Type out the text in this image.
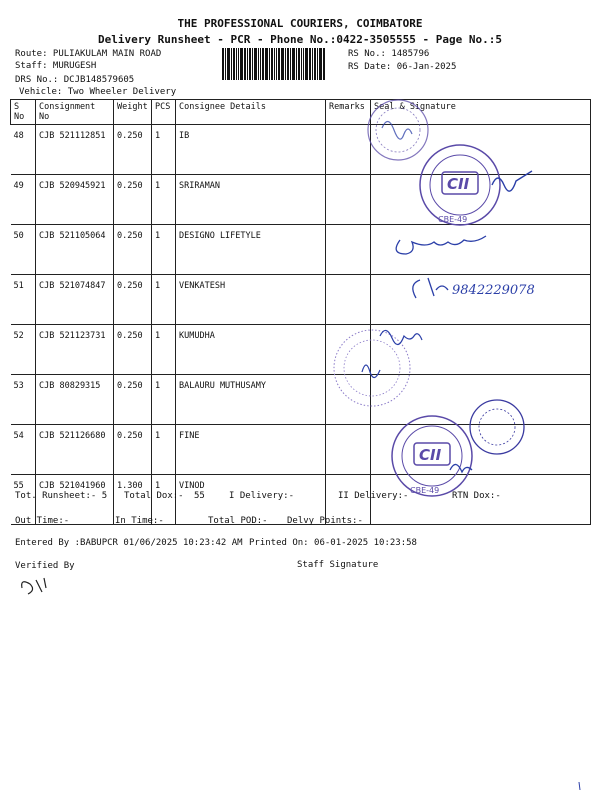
THE PROFESSIONAL COURIERS, COIMBATORE
Delivery Runsheet - PCR - Phone No.:0422-3505555 - Page No.:5
Route: PULIAKULAM MAIN ROAD
Staff: MURUGESH
DRS No.: DCJB148579605
Vehicle: Two Wheeler Delivery
RS No.: 1485796
RS Date: 06-Jan-2025
S No	Consignment No	Weight	PCS	Consignee Details	Remarks	Seal & Signature
48	CJB 521112851	0.250	1	IB		
49	CJB 520945921	0.250	1	SRIRAMAN		
50	CJB 521105064	0.250	1	DESIGNO LIFETYLE		
51	CJB 521074847	0.250	1	VENKATESH		
52	CJB 521123731	0.250	1	KUMUDHA		
53	CJB 80829315	0.250	1	BALAURU MUTHUSAMY		
54	CJB 521126680	0.250	1	FINE		
55	CJB 521041960	1.300	1	VINOD		
Tot. Runsheet:- 5 Total Dox:- 55	I Delivery:-	II Delivery:-	RTN Dox:-
Out Time:-	In Time:-	Total POD:- Delvy Points:-
Entered By :BABUPCR 01/06/2025 10:23:42 AM Printed On: 06-01-2025 10:23:58
Verified By	Staff Signature
CII
CBE-49
CII
CBE-49
9842229078
